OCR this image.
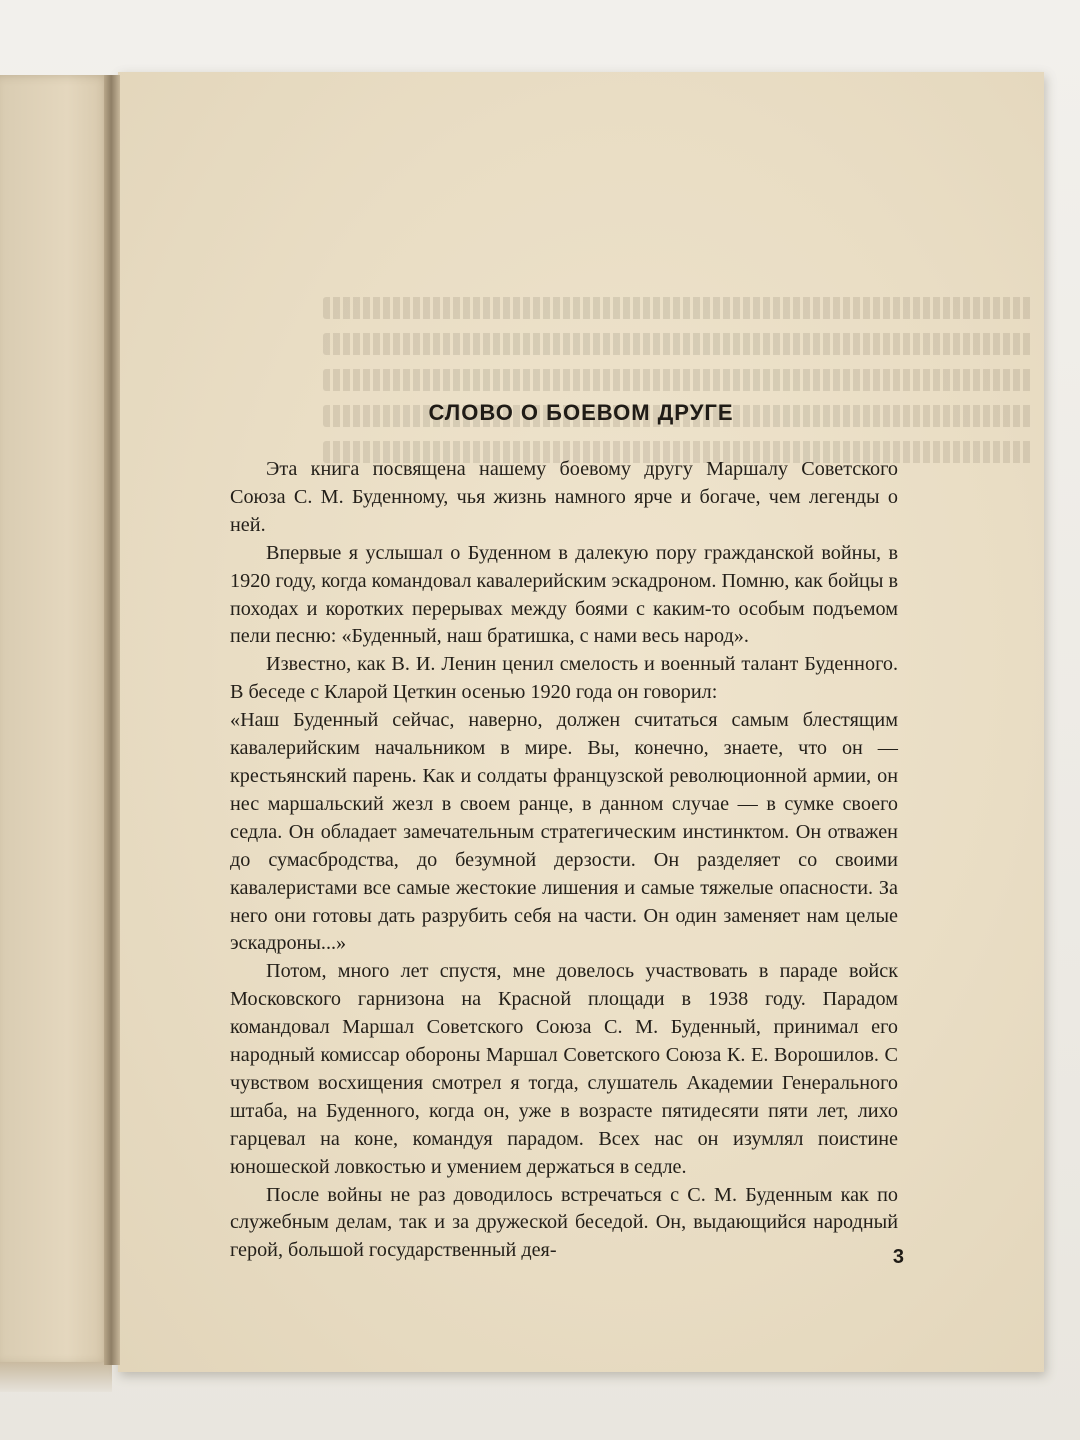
СЛОВО О БОЕВОМ ДРУГЕ

Эта книга посвящена нашему боевому другу Маршалу Советского Союза С. М. Буденному, чья жизнь намного ярче и богаче, чем легенды о ней.

Впервые я услышал о Буденном в далекую пору гражданской войны, в 1920 году, когда командовал кавалерийским эскадроном. Помню, как бойцы в походах и коротких перерывах между боями с каким-то особым подъемом пели песню: «Буденный, наш братишка, с нами весь народ».

Известно, как В. И. Ленин ценил смелость и военный талант Буденного. В беседе с Кларой Цеткин осенью 1920 года он говорил:

«Наш Буденный сейчас, наверно, должен считаться самым блестящим кавалерийским начальником в мире. Вы, конечно, знаете, что он — крестьянский парень. Как и солдаты французской революционной армии, он нес маршальский жезл в своем ранце, в данном случае — в сумке своего седла. Он обладает замечательным стратегическим инстинктом. Он отважен до сумасбродства, до безумной дерзости. Он разделяет со своими кавалеристами все самые жестокие лишения и самые тяжелые опасности. За него они готовы дать разрубить себя на части. Он один заменяет нам целые эскадроны...»

Потом, много лет спустя, мне довелось участвовать в параде войск Московского гарнизона на Красной площади в 1938 году. Парадом командовал Маршал Советского Союза С. М. Буденный, принимал его народный комиссар обороны Маршал Советского Союза К. Е. Ворошилов. С чувством восхищения смотрел я тогда, слушатель Академии Генерального штаба, на Буденного, когда он, уже в возрасте пятидесяти пяти лет, лихо гарцевал на коне, командуя парадом. Всех нас он изумлял поистине юношеской ловкостью и умением держаться в седле.

После войны не раз доводилось встречаться с С. М. Буденным как по служебным делам, так и за дружеской беседой. Он, выдающийся народный герой, большой государственный дея-	3
